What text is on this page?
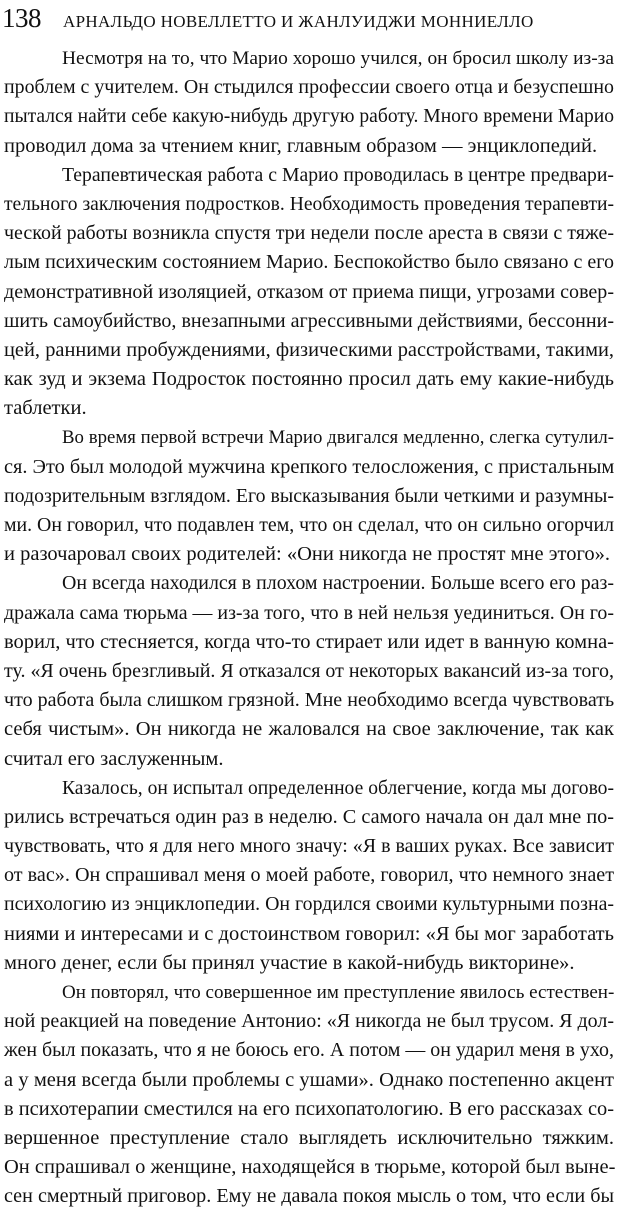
138 АРНАЛЬДО НОВЕЛЛЕТТО И ЖАНЛУИДЖИ МОННИЕЛЛО
Несмотря на то, что Марио хорошо учился, он бросил школу из-за
проблем с учителем. Он стыдился профессии своего отца и безуспешно
пытался найти себе какую-нибудь другую работу. Много времени Марио
проводил дома за чтением книг, главным образом — энциклопедий.
Терапевтическая работа с Марио проводилась в центре предвари-
тельного заключения подростков. Необходимость проведения терапевти-
ческой работы возникла спустя три недели после ареста в связи с тяже-
лым психическим состоянием Марио. Беспокойство было связано с его
демонстративной изоляцией, отказом от приема пищи, угрозами совер-
шить самоубийство, внезапными агрессивными действиями, бессонни-
цей, ранними пробуждениями, физическими расстройствами, такими,
как зуд и экзема Подросток постоянно просил дать ему какие-нибудь
таблетки.
Во время первой встречи Марио двигался медленно, слегка сутулил-
ся. Это был молодой мужчина крепкого телосложения, с пристальным
подозрительным взглядом. Его высказывания были четкими и разумны-
ми. Он говорил, что подавлен тем, что он сделал, что он сильно огорчил
и разочаровал своих родителей: «Они никогда не простят мне этого».
Он всегда находился в плохом настроении. Больше всего его раз-
дражала сама тюрьма — из-за того, что в ней нельзя уединиться. Он го-
ворил, что стесняется, когда что-то стирает или идет в ванную комна-
ту. «Я очень брезгливый. Я отказался от некоторых вакансий из-за того,
что работа была слишком грязной. Мне необходимо всегда чувствовать
себя чистым». Он никогда не жаловался на свое заключение, так как
считал его заслуженным.
Казалось, он испытал определенное облегчение, когда мы догово-
рились встречаться один раз в неделю. С самого начала он дал мне по-
чувствовать, что я для него много значу: «Я в ваших руках. Все зависит
от вас». Он спрашивал меня о моей работе, говорил, что немного знает
психологию из энциклопедии. Он гордился своими культурными позна-
ниями и интересами и с достоинством говорил: «Я бы мог заработать
много денег, если бы принял участие в какой-нибудь викторине».
Он повторял, что совершенное им преступление явилось естествен-
ной реакцией на поведение Антонио: «Я никогда не был трусом. Я дол-
жен был показать, что я не боюсь его. А потом — он ударил меня в ухо,
а у меня всегда были проблемы с ушами». Однако постепенно акцент
в психотерапии сместился на его психопатологию. В его рассказах со-
вершенное преступление стало выглядеть исключительно тяжким.
Он спрашивал о женщине, находящейся в тюрьме, которой был выне-
сен смертный приговор. Ему не давала покоя мысль о том, что если бы
